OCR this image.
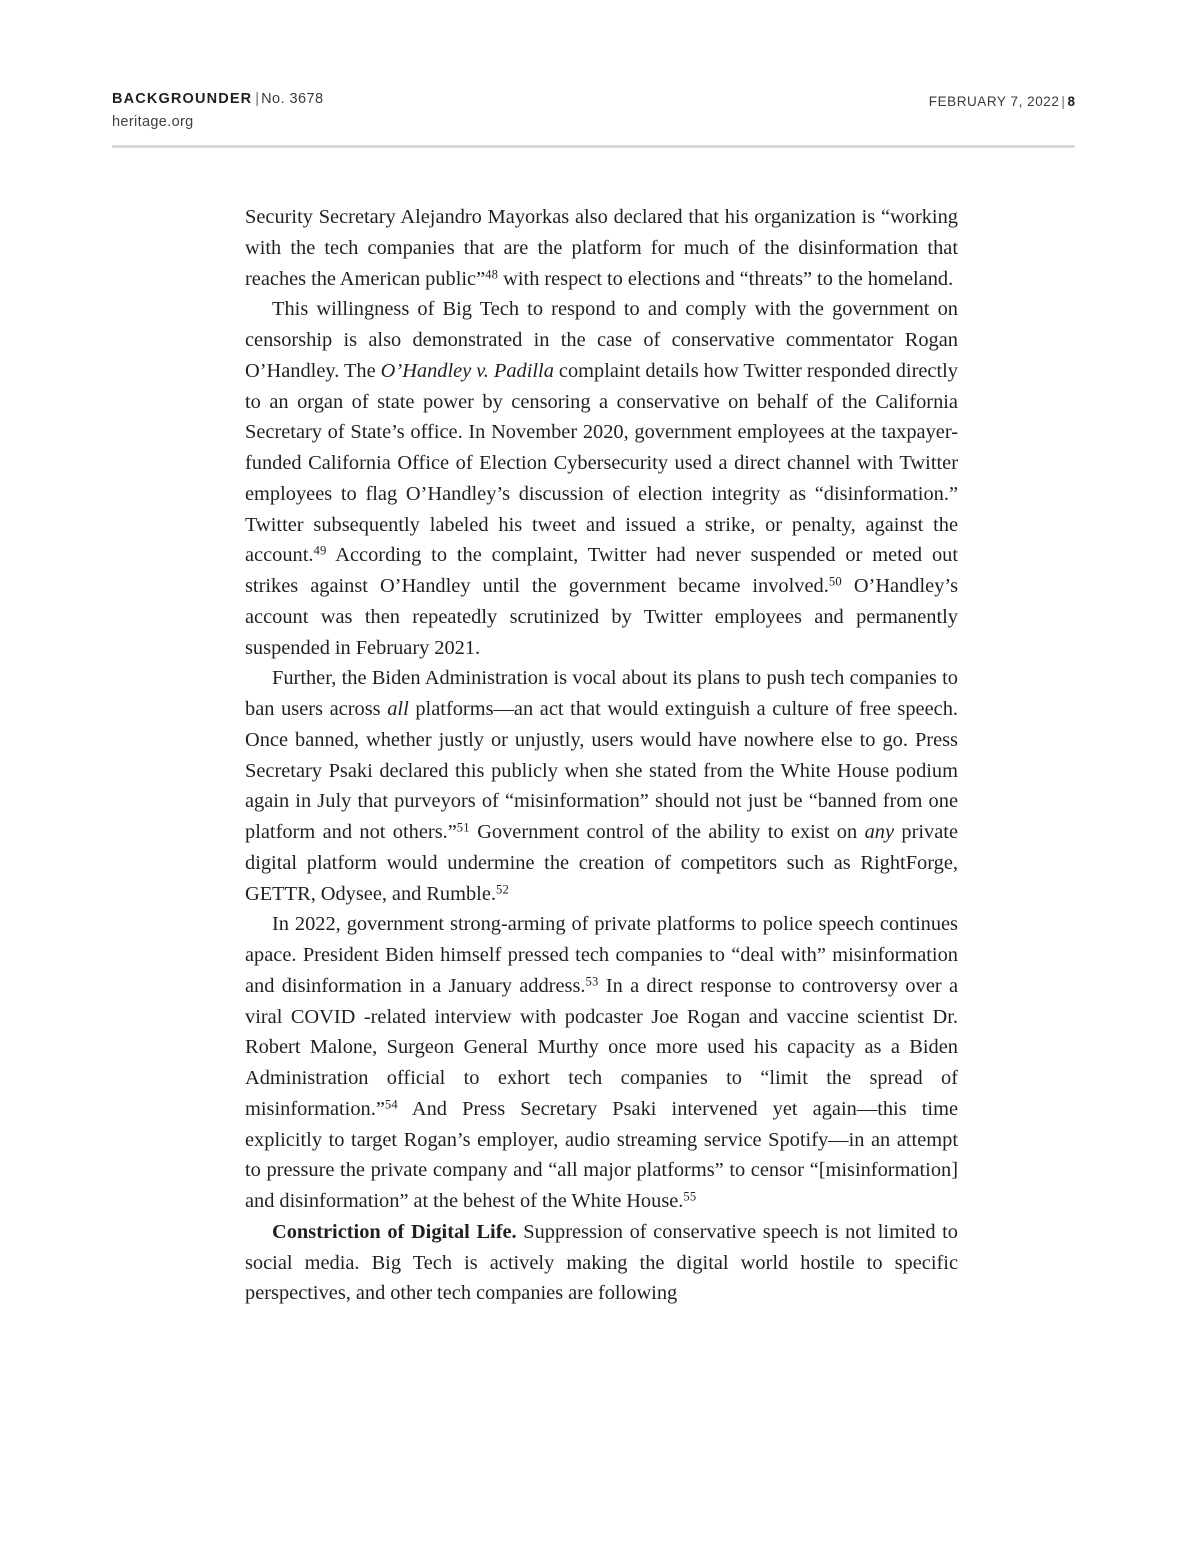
BACKGROUNDER | No. 3678
heritage.org
FEBRUARY 7, 2022 | 8

Security Secretary Alejandro Mayorkas also declared that his organization is “working with the tech companies that are the platform for much of the disinformation that reaches the American public”$^{48}$ with respect to elections and “threats” to the homeland.

This willingness of Big Tech to respond to and comply with the government on censorship is also demonstrated in the case of conservative commentator Rogan O’Handley. The O’Handley v. Padilla complaint details how Twitter responded directly to an organ of state power by censoring a conservative on behalf of the California Secretary of State’s office. In November 2020, government employees at the taxpayer-funded California Office of Election Cybersecurity used a direct channel with Twitter employees to flag O’Handley’s discussion of election integrity as “disinformation.” Twitter subsequently labeled his tweet and issued a strike, or penalty, against the account.$^{49}$ According to the complaint, Twitter had never suspended or meted out strikes against O’Handley until the government became involved.$^{50}$ O’Handley’s account was then repeatedly scrutinized by Twitter employees and permanently suspended in February 2021.

Further, the Biden Administration is vocal about its plans to push tech companies to ban users across all platforms—an act that would extinguish a culture of free speech. Once banned, whether justly or unjustly, users would have nowhere else to go. Press Secretary Psaki declared this publicly when she stated from the White House podium again in July that purveyors of “misinformation” should not just be “banned from one platform and not others.”$^{51}$ Government control of the ability to exist on any private digital platform would undermine the creation of competitors such as RightForge, GETTR, Odysee, and Rumble.$^{52}$

In 2022, government strong-arming of private platforms to police speech continues apace. President Biden himself pressed tech companies to “deal with” misinformation and disinformation in a January address.$^{53}$ In a direct response to controversy over a viral COVID -related interview with podcaster Joe Rogan and vaccine scientist Dr. Robert Malone, Surgeon General Murthy once more used his capacity as a Biden Administration official to exhort tech companies to “limit the spread of misinformation.”$^{54}$ And Press Secretary Psaki intervened yet again—this time explicitly to target Rogan’s employer, audio streaming service Spotify—in an attempt to pressure the private company and “all major platforms” to censor “[misinformation] and disinformation” at the behest of the White House.$^{55}$

Constriction of Digital Life. Suppression of conservative speech is not limited to social media. Big Tech is actively making the digital world hostile to specific perspectives, and other tech companies are following
